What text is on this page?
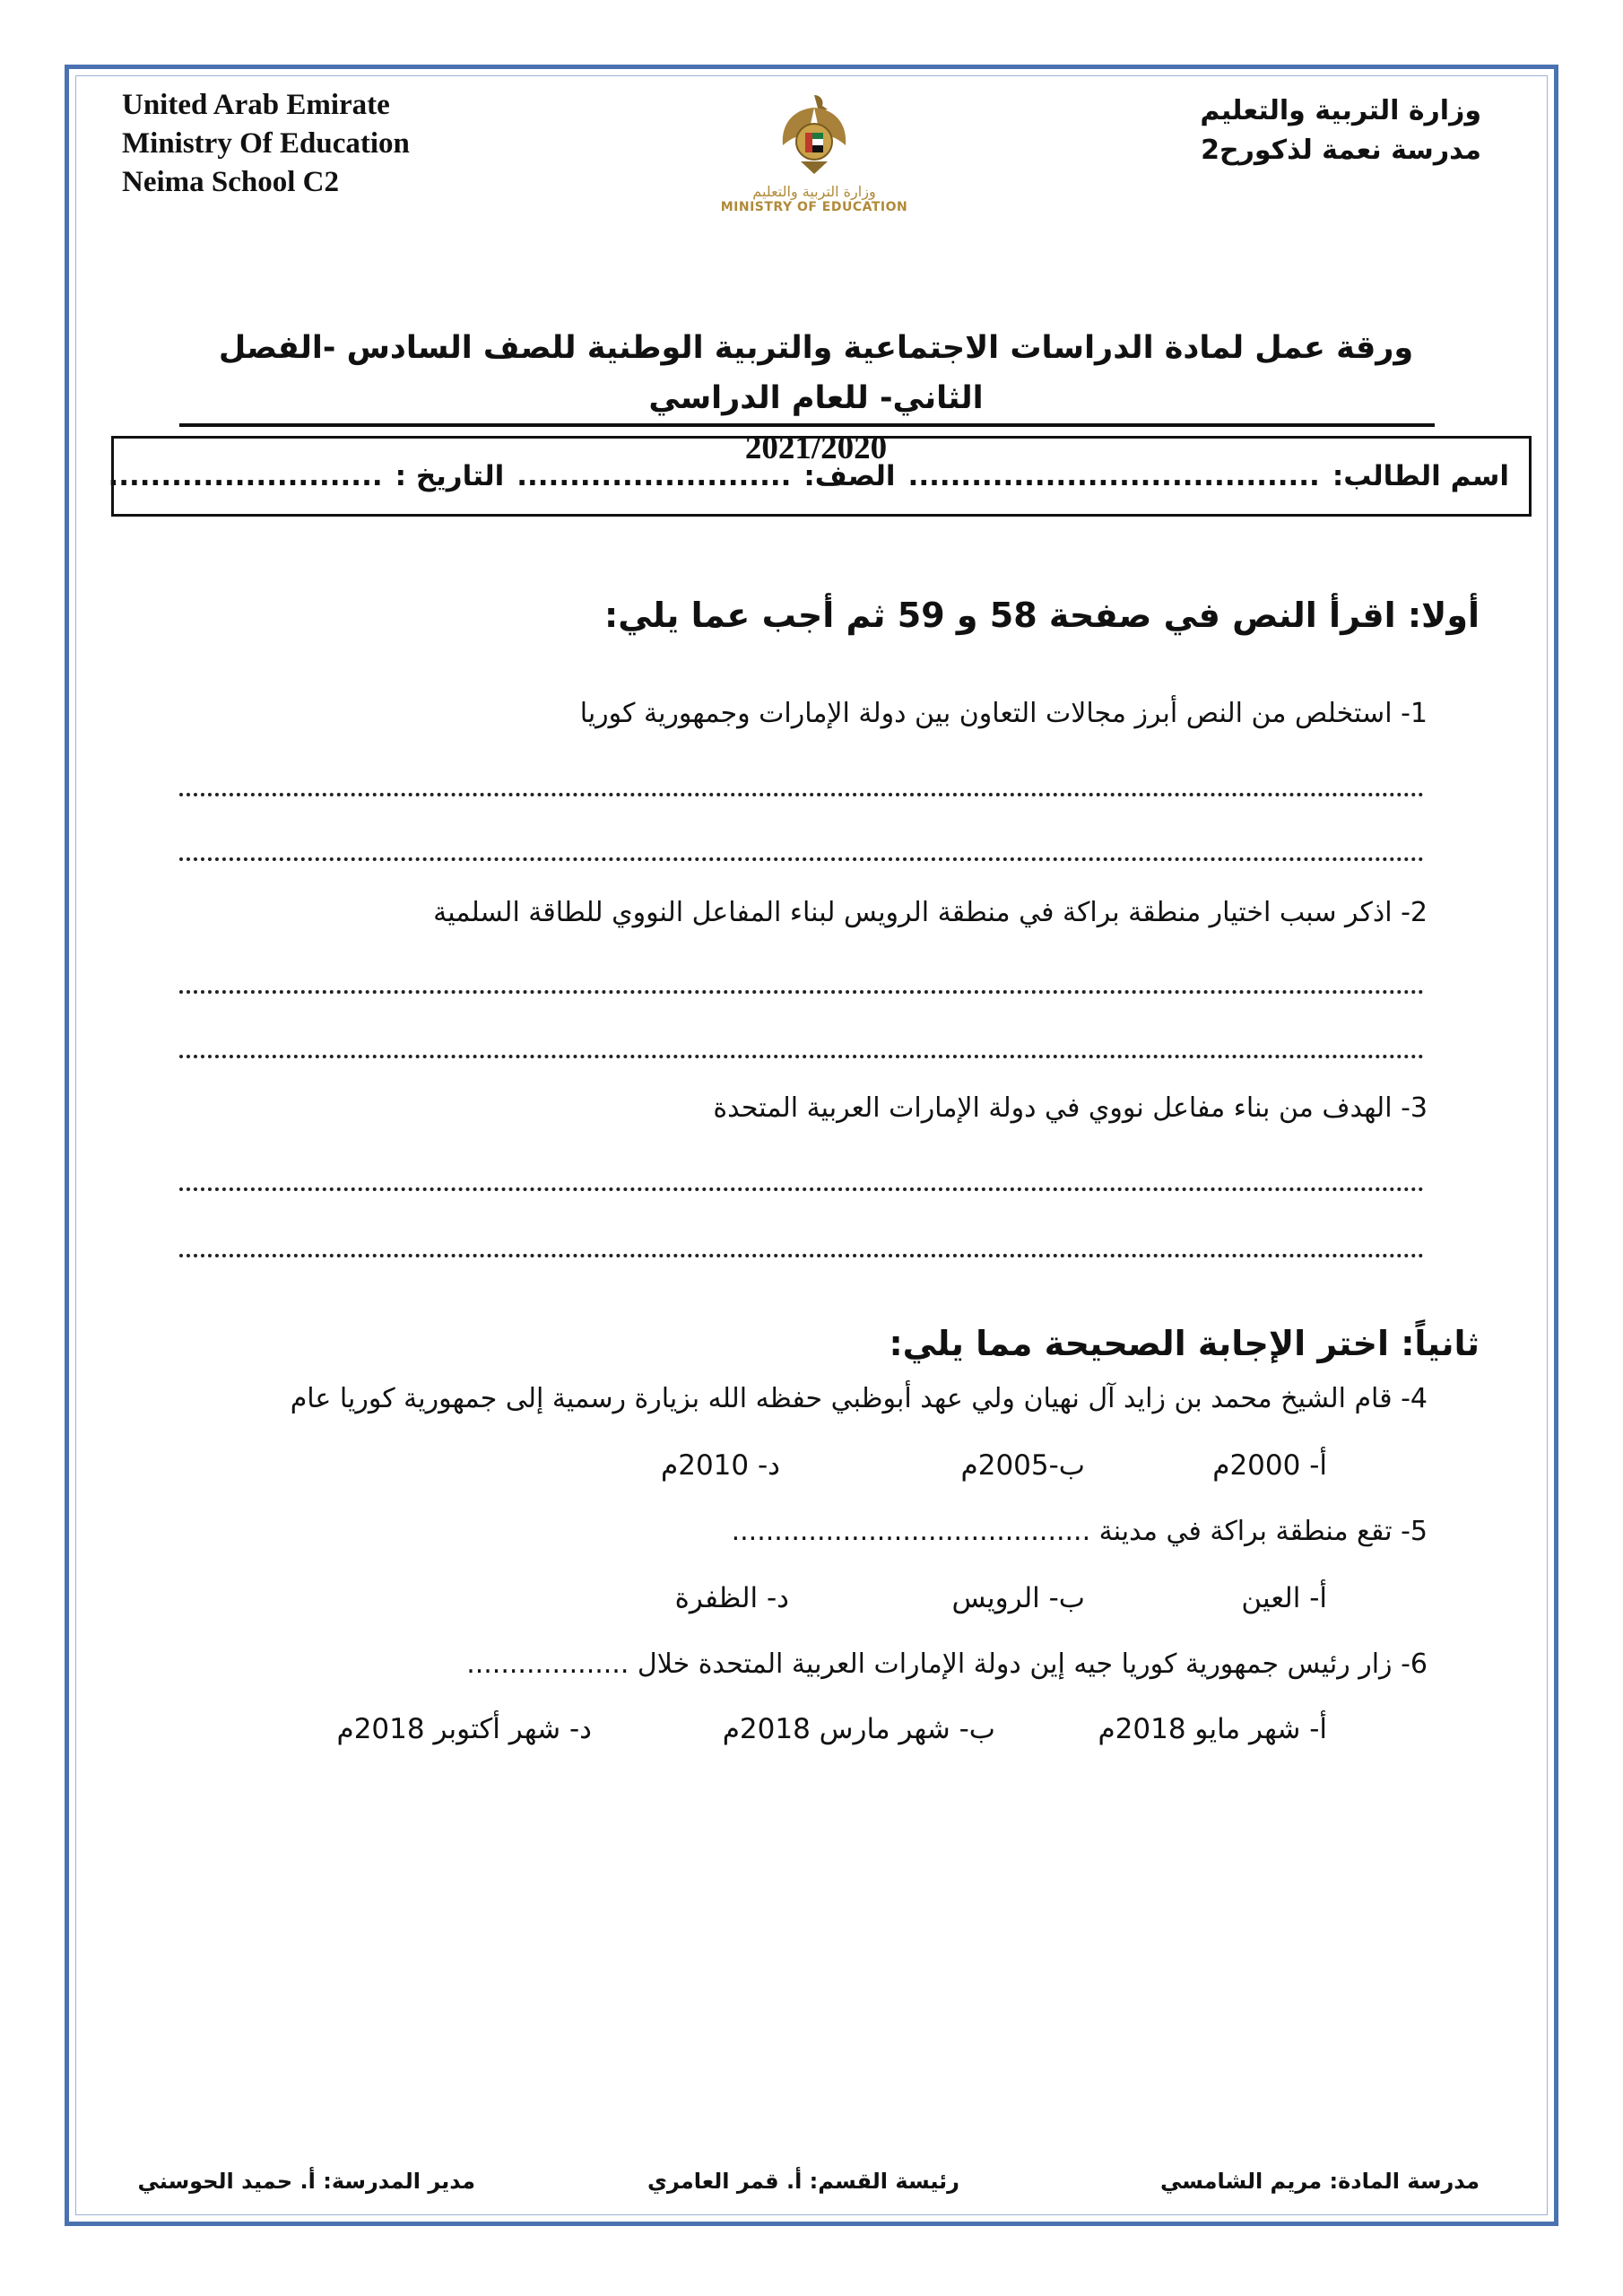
United Arab Emirate
Ministry Of Education
Neima School C2	وزارة التربية والتعليم
MINISTRY OF EDUCATION
وزارة التربية والتعليم
مدرسة نعمة لذكورح2
ورقة عمل لمادة الدراسات الاجتماعية والتربية الوطنية للصف السادس -الفصل الثاني- للعام الدراسي
2021/2020
اسم الطالب:
.......................................
الصف:
..........................
التاريخ :
..........................
أولا: اقرأ النص في صفحة 58 و 59 ثم أجب عما يلي:
1- استخلص من النص أبرز مجالات التعاون بين دولة الإمارات وجمهورية كوريا
2- اذكر سبب اختيار منطقة براكة في منطقة الرويس لبناء المفاعل النووي للطاقة السلمية
3- الهدف من بناء مفاعل نووي في دولة الإمارات العربية المتحدة
ثانياً: اختر الإجابة الصحيحة مما يلي:
4- قام الشيخ محمد بن زايد آل نهيان ولي عهد أبوظبي حفظه الله بزيارة رسمية إلى جمهورية كوريا عام
أ- 2000م
ب-2005م
د- 2010م
5- تقع منطقة براكة في مدينة ..........................................
أ- العين
ب- الرويس
د- الظفرة
6- زار رئيس جمهورية كوريا جيه إين دولة الإمارات العربية المتحدة خلال ...................
أ- شهر مايو 2018م
ب- شهر مارس 2018م
د- شهر أكتوبر 2018م
مدرسة المادة: مريم الشامسي
رئيسة القسم: أ. قمر العامري
مدير المدرسة: أ. حميد الحوسني
